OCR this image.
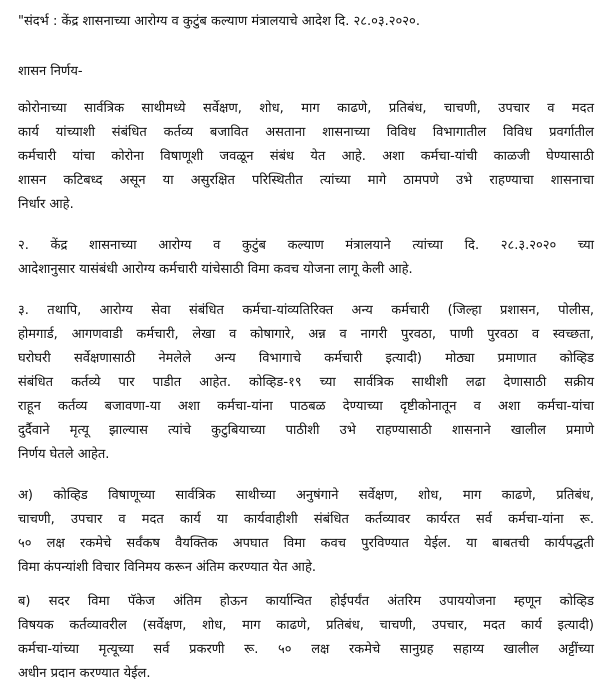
"संदर्भ : केंद्र शासनाच्या आरोग्य व कुटुंब कल्याण मंत्रालयाचे आदेश दि. २८.०३.२०२०.
शासन निर्णय-
कोरोनाच्या सार्वत्रिक साथीमध्ये सर्वेक्षण, शोध, माग काढणे, प्रतिबंध, चाचणी, उपचार व मदत
कार्य यांच्याशी संबंधित कर्तव्य बजावित असताना शासनाच्या विविध विभागातील विविध प्रवर्गातील
कर्मचारी यांचा कोरोना विषाणूशी जवळून संबंध येत आहे. अशा कर्मचा-यांची काळजी घेण्यासाठी
शासन कटिबध्द असून या असुरक्षित परिस्थितीत त्यांच्या मागे ठामपणे उभे राहण्याचा शासनाचा
निर्धार आहे.
२. केंद्र शासनाच्या आरोग्य व कुटुंब कल्याण मंत्रालयाने त्यांच्या दि. २८.३.२०२० च्या
आदेशानुसार यासंबंधी आरोग्य कर्मचारी यांचेसाठी विमा कवच योजना लागू केली आहे.
३. तथापि, आरोग्य सेवा संबंधित कर्मचा-यांव्यतिरिक्त अन्य कर्मचारी (जिल्हा प्रशासन, पोलीस,
होमगार्ड, आगणवाडी कर्मचारी, लेखा व कोषागारे, अन्न व नागरी पुरवठा, पाणी पुरवठा व स्वच्छता,
घरोघरी सर्वेक्षणासाठी नेमलेले अन्य विभागाचे कर्मचारी इत्यादी) मोठ्या प्रमाणात कोव्हिड
संबंधित कर्तव्ये पार पाडीत आहेत. कोव्हिड-१९ च्या सार्वत्रिक साथीशी लढा देणासाठी सक्रीय
राहून कर्तव्य बजावणा-या अशा कर्मचा-यांना पाठबळ देण्याच्या दृष्टीकोनातून व अशा कर्मचा-यांचा
दुर्दैवाने मृत्यू झाल्यास त्यांचे कुटुबियाच्या पाठीशी उभे राहण्यासाठी शासनाने खालील प्रमाणे
निर्णय घेतले आहेत.
अ) कोव्हिड विषाणूच्या सार्वत्रिक साथीच्या अनुषंगाने सर्वेक्षण, शोध, माग काढणे, प्रतिबंध,
चाचणी, उपचार व मदत कार्य या कार्यवाहीशी संबंधित कर्तव्यावर कार्यरत सर्व कर्मचा-यांना रू.
५० लक्ष रकमेचे सर्वंकष वैयक्तिक अपघात विमा कवच पुरविण्यात येईल. या बाबतची कार्यपद्धती
विमा कंपन्यांशी विचार विनिमय करून अंतिम करण्यात येत आहे.
ब) सदर विमा पॅकेज अंतिम होऊन कार्यान्वित होईपर्यंत अंतरिम उपाययोजना म्हणून कोव्हिड
विषयक कर्तव्यावरील (सर्वेक्षण, शोध, माग काढणे, प्रतिबंध, चाचणी, उपचार, मदत कार्य इत्यादी)
कर्मचा-यांच्या मृत्यूच्या सर्व प्रकरणी रू. ५० लक्ष रकमेचे सानुग्रह सहाय्य खालील अट्टींच्या
अधीन प्रदान करण्यात येईल.
